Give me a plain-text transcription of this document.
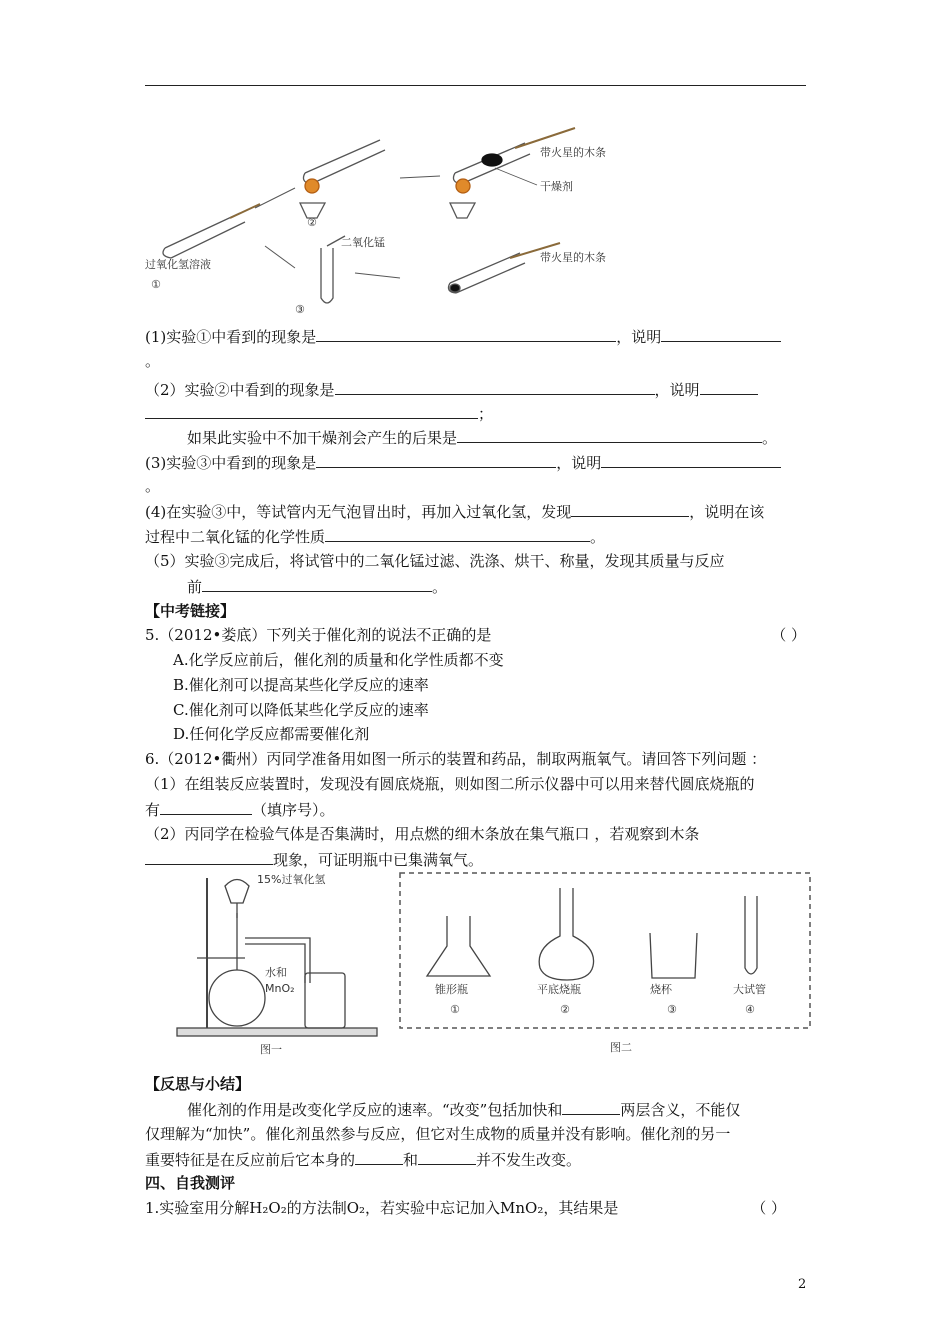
过氧化氢溶液
①
②
带火星的木条
干燥剂
二氧化锰
③
带火星的木条
(1)实验①中看到的现象是	，说明
。
（2）实验②中看到的现象是	，说明
；
如果此实验中不加干燥剂会产生的后果是	。
(3)实验③中看到的现象是	，说明
。
(4)在实验③中，等试管内无气泡冒出时，再加入过氧化氢，发现	，说明在该
过程中二氧化锰的化学性质	。
（5）实验③完成后，将试管中的二氧化锰过滤、洗涤、烘干、称量，发现其质量与反应
前	。
【中考链接】
5.（2012•娄底）下列关于催化剂的说法不正确的是	（ ）
A.化学反应前后，催化剂的质量和化学性质都不变
B.催化剂可以提高某些化学反应的速率
C.催化剂可以降低某些化学反应的速率
D.任何化学反应都需要催化剂
6.（2012•衢州）丙同学准备用如图一所示的装置和药品，制取两瓶氧气。请回答下列问题 ：
（1）在组装反应装置时，发现没有圆底烧瓶，则如图二所示仪器中可以用来替代圆底烧瓶的
有	（填序号）。
（2）丙同学在检验气体是否集满时，用点燃的细木条放在集气瓶口 ，若观察到木条
现象，可证明瓶中已集满氧气。
15%过氧化氢
水和
MnO₂
图一
锥形瓶	平底烧瓶	烧杯	大试管
①	②	③	④
图二
【反思与小结】
催化剂的作用是改变化学反应的速率。“改变”包括加快和	两层含义，不能仅
仅理解为“加快”。催化剂虽然参与反应，但它对生成物的质量并没有影响。催化剂的另一
重要特征是在反应前后它本身的	和	并不发生改变。
四、自我测评
1.实验室用分解H₂O₂的方法制O₂，若实验中忘记加入MnO₂，其结果是	（ ）
2
